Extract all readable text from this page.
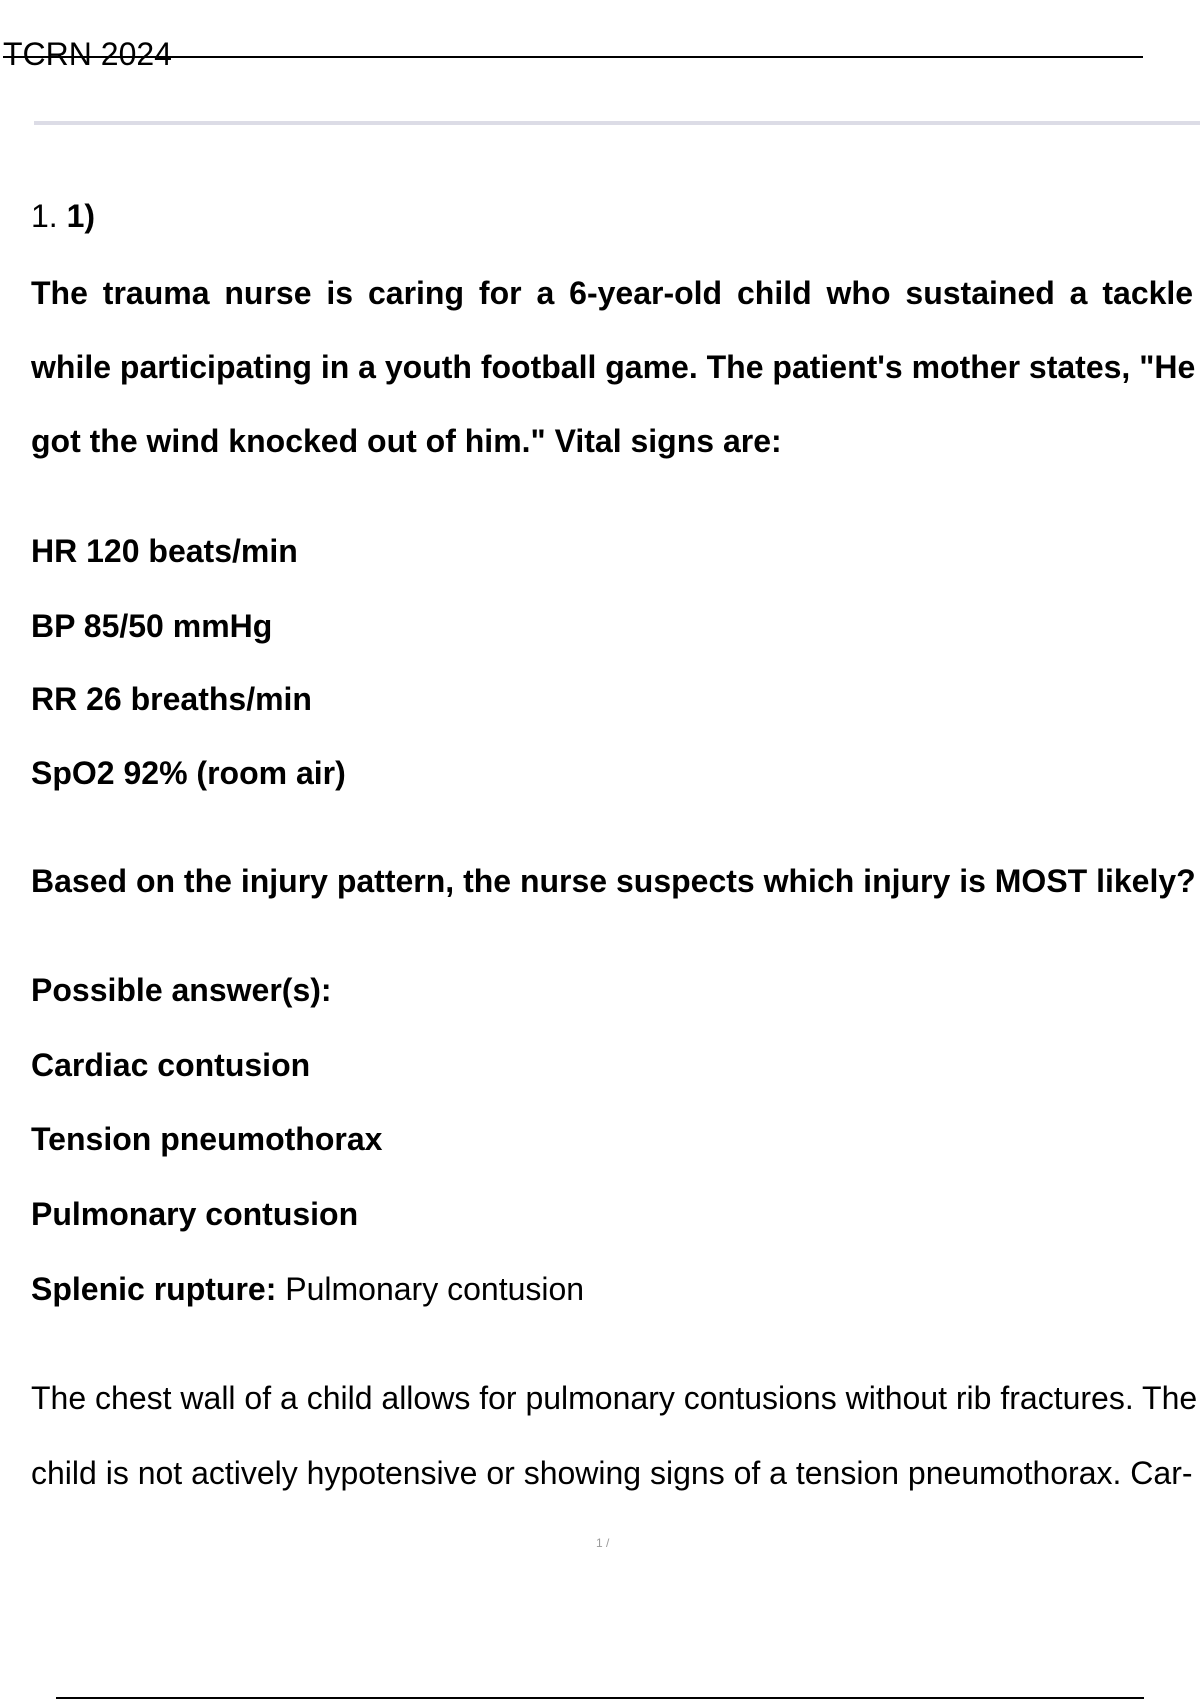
TCRN 2024
1. 1)
The trauma nurse is caring for a 6-year-old child who sustained a tackle
while participating in a youth football game. The patient's mother states, "He
got the wind knocked out of him." Vital signs are:
HR 120 beats/min
BP 85/50 mmHg
RR 26 breaths/min
SpO2 92% (room air)
Based on the injury pattern, the nurse suspects which injury is MOST likely?
Possible answer(s):
Cardiac contusion
Tension pneumothorax
Pulmonary contusion
Splenic rupture: Pulmonary contusion
The chest wall of a child allows for pulmonary contusions without rib fractures. The
child is not actively hypotensive or showing signs of a tension pneumothorax. Car-
1 /
